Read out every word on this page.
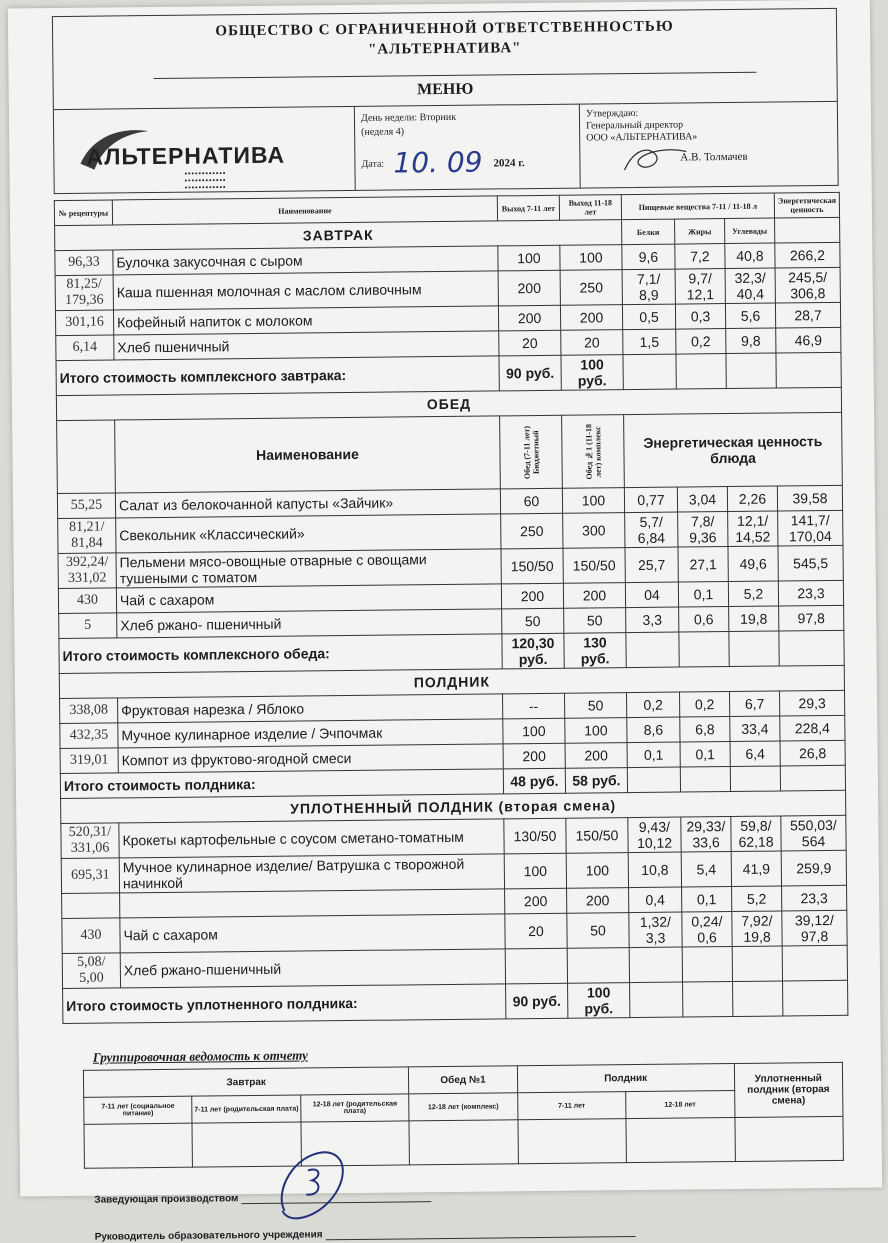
ОБЩЕСТВО С ОГРАНИЧЕННОЙ ОТВЕТСТВЕННОСТЬЮ
"АЛЬТЕРНАТИВА"
МЕНЮ
АЛЬТЕРНАТИВА
▪▪▪▪▪▪▪▪▪▪▪▪
▪▪▪▪▪▪▪▪▪▪▪▪
▪▪▪▪▪▪▪▪▪▪▪▪
День недели: Вторник
(неделя 4)
Дата: 10. 09 2024 г.
Утверждаю:
Генеральный директор
ООО «АЛЬТЕРНАТИВА»
А.В. Толмачев
№ рецептуры	Наименование	Выход 7-11 лет	Выход 11-18 лет	Пищевые вещества 7-11 / 11-18 л			Энергетическая ценность
ЗАВТРАК				Белки	Жиры	Углеводы	
96,33	Булочка закусочная с сыром	100	100	9,6	7,2	40,8	266,2
81,25/ 179,36	Каша пшенная молочная с маслом сливочным	200	250	7,1/ 8,9	9,7/ 12,1	32,3/ 40,4	245,5/ 306,8
301,16	Кофейный напиток с молоком	200	200	0,5	0,3	5,6	28,7
6,14	Хлеб пшеничный	20	20	1,5	0,2	9,8	46,9
Итого стоимость комплексного завтрака:		90 руб.	100 руб.				
ОБЕД							
	Наименование	Обед (7-11 лет) Бюджетный	Обед №1 (11-18 лет) комплекс	Энергетическая ценность блюда			
55,25	Салат из белокочанной капусты «Зайчик»	60	100	0,77	3,04	2,26	39,58
81,21/ 81,84	Свекольник «Классический»	250	300	5,7/ 6,84	7,8/ 9,36	12,1/ 14,52	141,7/ 170,04
392,24/ 331,02	Пельмени мясо-овощные отварные с овощами тушеными с томатом	150/50	150/50	25,7	27,1	49,6	545,5
430	Чай с сахаром	200	200	04	0,1	5,2	23,3
5	Хлеб ржано- пшеничный	50	50	3,3	0,6	19,8	97,8
Итого стоимость комплексного обеда:		120,30 руб.	130 руб.				
ПОЛДНИК							
338,08	Фруктовая нарезка / Яблоко	--	50	0,2	0,2	6,7	29,3
432,35	Мучное кулинарное изделие / Эчпочмак	100	100	8,6	6,8	33,4	228,4
319,01	Компот из фруктово-ягодной смеси	200	200	0,1	0,1	6,4	26,8
Итого стоимость полдника:		48 руб.	58 руб.				
УПЛОТНЕННЫЙ ПОЛДНИК (вторая смена)							
520,31/ 331,06	Крокеты картофельные с соусом сметано-томатным	130/50	150/50	9,43/ 10,12	29,33/ 33,6	59,8/ 62,18	550,03/ 564
695,31	Мучное кулинарное изделие/ Ватрушка с творожной начинкой	100	100	10,8	5,4	41,9	259,9
		200	200	0,4	0,1	5,2	23,3
430	Чай с сахаром	20	50	1,32/ 3,3	0,24/ 0,6	7,92/ 19,8	39,12/ 97,8
5,08/ 5,00	Хлеб ржано-пшеничный						
Итого стоимость уплотненного полдника:		90 руб.	100 руб.				
Группировочная ведомость к отчету
Завтрак			Обед №1	Полдник		Уплотненный полдник (вторая смена)
7-11 лет (социальное питание)	7-11 лет (родительская плата)	12-18 лет (родительская плата)	12-18 лет (комплекс)	7-11 лет	12-18 лет	

Заведующая производством
Руководитель образовательного учреждения
